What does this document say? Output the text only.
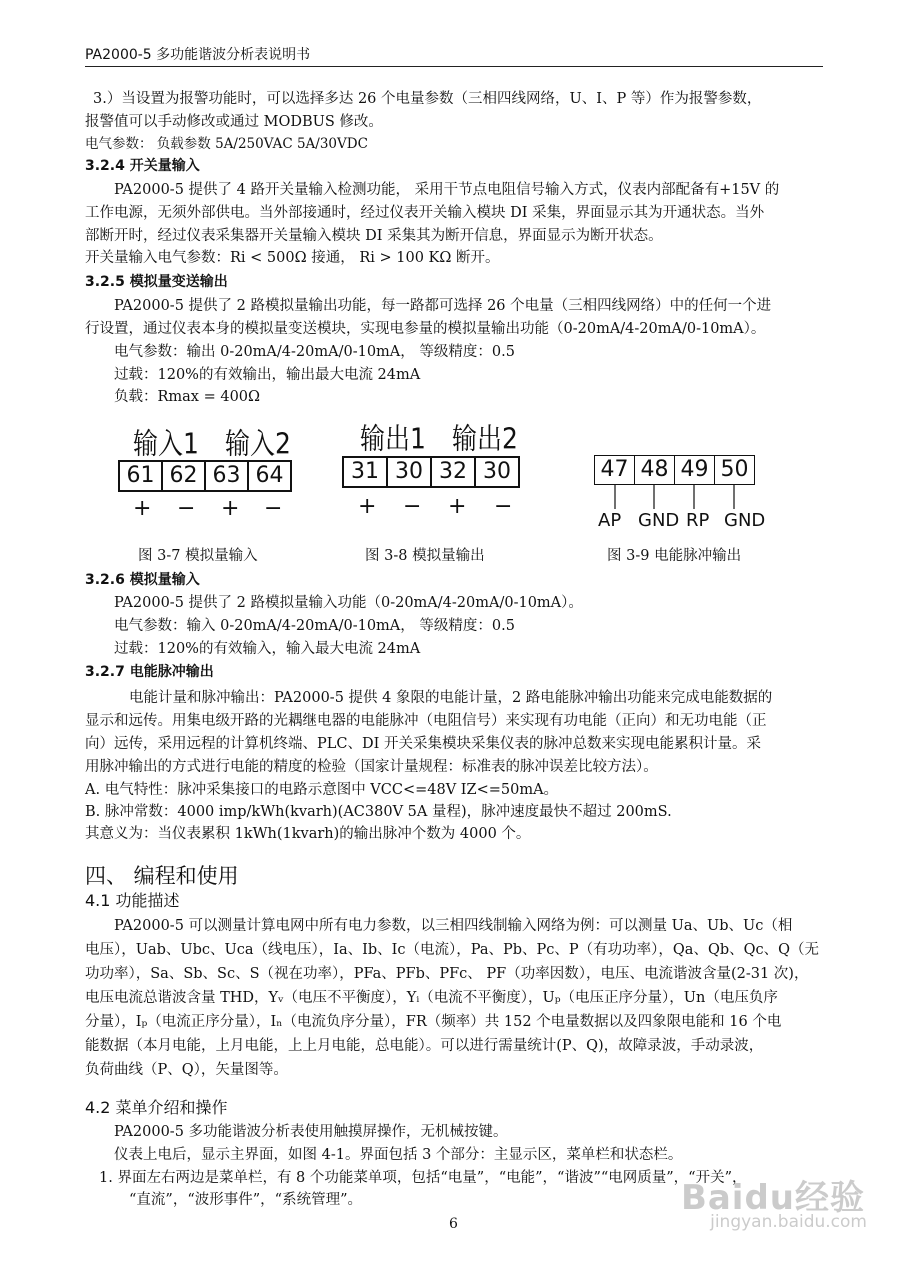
PA2000-5 多功能谐波分析表说明书
3.）当设置为报警功能时，可以选择多达 26 个电量参数（三相四线网络，U、I、P 等）作为报警参数，
报警值可以手动修改或通过 MODBUS 修改。
电气参数： 负载参数 5A/250VAC 5A/30VDC
3.2.4 开关量输入
PA2000-5 提供了 4 路开关量输入检测功能， 采用干节点电阻信号输入方式，仪表内部配备有+15V 的
工作电源，无须外部供电。当外部接通时，经过仪表开关输入模块 DI 采集，界面显示其为开通状态。当外
部断开时，经过仪表采集器开关量输入模块 DI 采集其为断开信息，界面显示为断开状态。
开关量输入电气参数：Ri < 500Ω 接通， Ri > 100 KΩ 断开。
3.2.5 模拟量变送输出
PA2000-5 提供了 2 路模拟量输出功能，每一路都可选择 26 个电量（三相四线网络）中的任何一个进
行设置，通过仪表本身的模拟量变送模块，实现电参量的模拟量输出功能（0-20mA/4-20mA/0-10mA）。
电气参数：输出 0-20mA/4-20mA/0-10mA， 等级精度：0.5
过载：120%的有效输出，输出最大电流 24mA
负载：Rmax = 400Ω
输入1 输入2
61 62 63 64
+ − + −
图 3-7 模拟量输入
输出1 输出2
31 30 32 30
+ − + −
图 3-8 模拟量输出
47 48 49 50
AP GND RP GND
图 3-9 电能脉冲输出
3.2.6 模拟量输入
PA2000-5 提供了 2 路模拟量输入功能（0-20mA/4-20mA/0-10mA）。
电气参数：输入 0-20mA/4-20mA/0-10mA， 等级精度：0.5
过载：120%的有效输入，输入最大电流 24mA
3.2.7 电能脉冲输出
电能计量和脉冲输出：PA2000-5 提供 4 象限的电能计量，2 路电能脉冲输出功能来完成电能数据的
显示和远传。用集电级开路的光耦继电器的电能脉冲（电阻信号）来实现有功电能（正向）和无功电能（正
向）远传，采用远程的计算机终端、PLC、DI 开关采集模块采集仪表的脉冲总数来实现电能累积计量。采
用脉冲输出的方式进行电能的精度的检验（国家计量规程：标准表的脉冲误差比较方法）。
A. 电气特性：脉冲采集接口的电路示意图中 VCC<=48V IZ<=50mA。
B. 脉冲常数：4000 imp/kWh(kvarh)(AC380V 5A 量程)，脉冲速度最快不超过 200mS.
其意义为：当仪表累积 1kWh(1kvarh)的输出脉冲个数为 4000 个。
四、 编程和使用
4.1 功能描述
PA2000-5 可以测量计算电网中所有电力参数，以三相四线制输入网络为例：可以测量 Ua、Ub、Uc（相
电压），Uab、Ubc、Uca（线电压），Ia、Ib、Ic（电流），Pa、Pb、Pc、P（有功功率），Qa、Qb、Qc、Q（无
功功率），Sa、Sb、Sc、S（视在功率），PFa、PFb、PFc、 PF（功率因数），电压、电流谐波含量(2-31 次)，
电压电流总谐波含量 THD，Yᵥ（电压不平衡度），Yᵢ（电流不平衡度），Uₚ（电压正序分量），Un（电压负序
分量），Iₚ（电流正序分量），Iₙ（电流负序分量），FR（频率）共 152 个电量数据以及四象限电能和 16 个电
能数据（本月电能，上月电能，上上月电能，总电能）。可以进行需量统计(P、Q)，故障录波，手动录波，
负荷曲线（P、Q），矢量图等。
4.2 菜单介绍和操作
PA2000-5 多功能谐波分析表使用触摸屏操作，无机械按键。
仪表上电后，显示主界面，如图 4-1。界面包括 3 个部分：主显示区，菜单栏和状态栏。
1. 界面左右两边是菜单栏，有 8 个功能菜单项，包括“电量”，“电能”，“谐波”“电网质量”，“开关”，
“直流”，“波形事件”，“系统管理”。
6
Baidu经验
jingyan.baidu.com
